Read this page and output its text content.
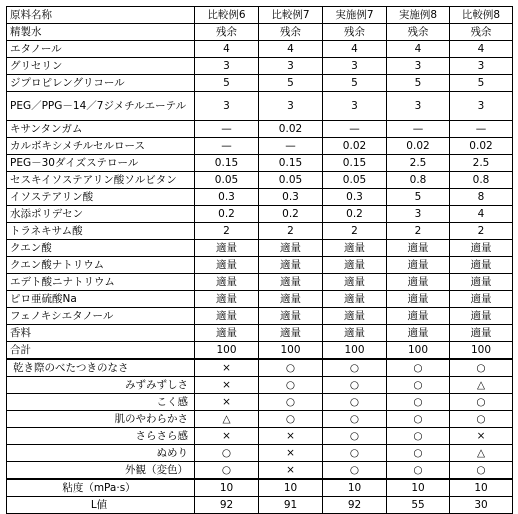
原料名称	比較例6	比較例7	実施例7	実施例8	比較例8
精製水	残余	残余	残余	残余	残余
エタノール	4	4	4	4	4
グリセリン	3	3	3	3	3
ジプロピレングリコール	5	5	5	5	5
PEG／PPG－14／7ジメチルエーテル	3	3	3	3	3
キサンタンガム	—	0.02	—	—	—
カルボキシメチルセルロース	—	—	0.02	0.02	0.02
PEG－30ダイズステロール	0.15	0.15	0.15	2.5	2.5
セスキイソステアリン酸ソルビタン	0.05	0.05	0.05	0.8	0.8
イソステアリン酸	0.3	0.3	0.3	5	8
水添ポリデセン	0.2	0.2	0.2	3	4
トラネキサム酸	2	2	2	2	2
クエン酸	適量	適量	適量	適量	適量
クエン酸ナトリウム	適量	適量	適量	適量	適量
エデト酸ニナトリウム	適量	適量	適量	適量	適量
ピロ亜硫酸Na	適量	適量	適量	適量	適量
フェノキシエタノール	適量	適量	適量	適量	適量
香料	適量	適量	適量	適量	適量
合計	100	100	100	100	100
乾き際のべたつきのなさ	×	○	○	○	○
みずみずしさ	×	○	○	○	△
こく感	×	○	○	○	○
肌のやわらかさ	△	○	○	○	○
さらさら感	×	×	○	○	×
ぬめり	○	×	○	○	△
外観（変色）	○	×	○	○	○
粘度（mPa·s）	10	10	10	10	10
L値	92	91	92	55	30
